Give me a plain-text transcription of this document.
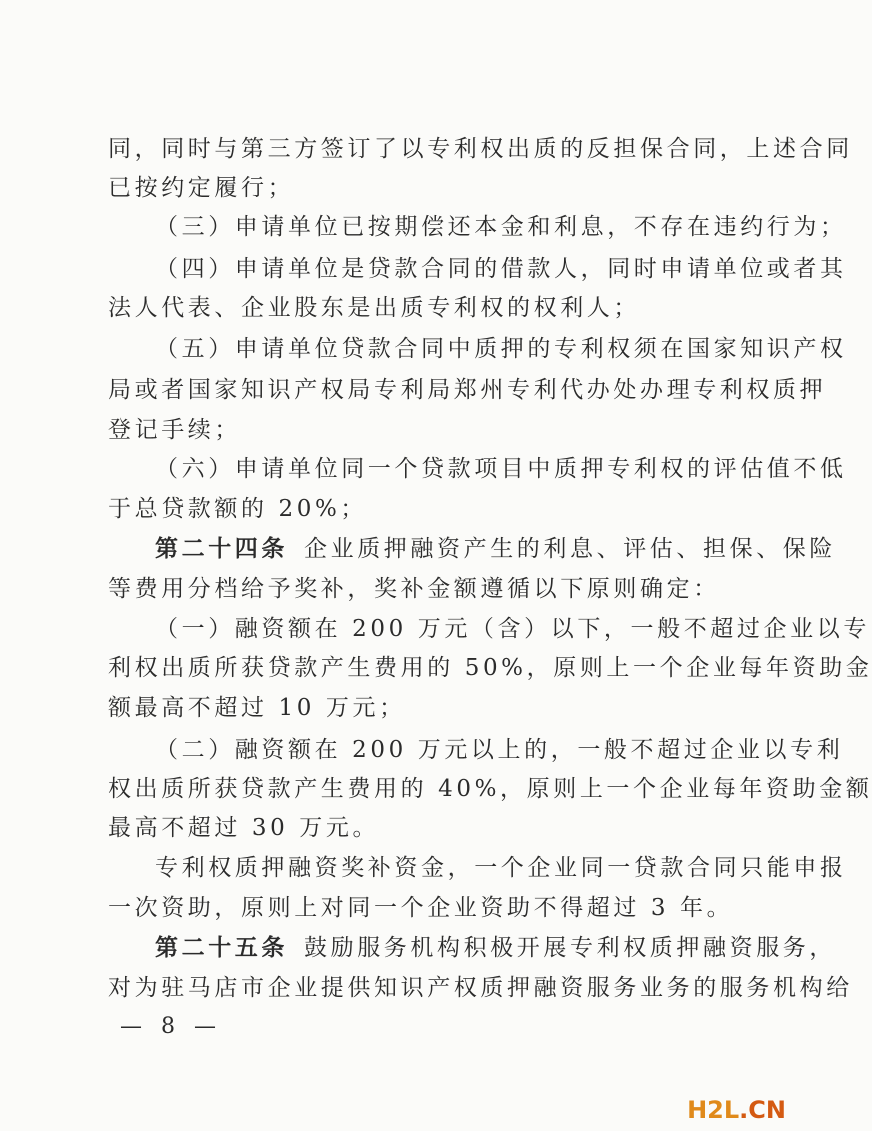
同，同时与第三方签订了以专利权出质的反担保合同，上述合同
已按约定履行；
（三）申请单位已按期偿还本金和利息，不存在违约行为；
（四）申请单位是贷款合同的借款人，同时申请单位或者其
法人代表、企业股东是出质专利权的权利人；
（五）申请单位贷款合同中质押的专利权须在国家知识产权
局或者国家知识产权局专利局郑州专利代办处办理专利权质押
登记手续；
（六）申请单位同一个贷款项目中质押专利权的评估值不低
于总贷款额的 20%；
第二十四条 企业质押融资产生的利息、评估、担保、保险
等费用分档给予奖补，奖补金额遵循以下原则确定：
（一）融资额在 200 万元（含）以下，一般不超过企业以专
利权出质所获贷款产生费用的 50%，原则上一个企业每年资助金
额最高不超过 10 万元；
（二）融资额在 200 万元以上的，一般不超过企业以专利
权出质所获贷款产生费用的 40%，原则上一个企业每年资助金额
最高不超过 30 万元。
专利权质押融资奖补资金，一个企业同一贷款合同只能申报
一次资助，原则上对同一个企业资助不得超过 3 年。
第二十五条 鼓励服务机构积极开展专利权质押融资服务，
对为驻马店市企业提供知识产权质押融资服务业务的服务机构给
— 8 —
H2L.CN
